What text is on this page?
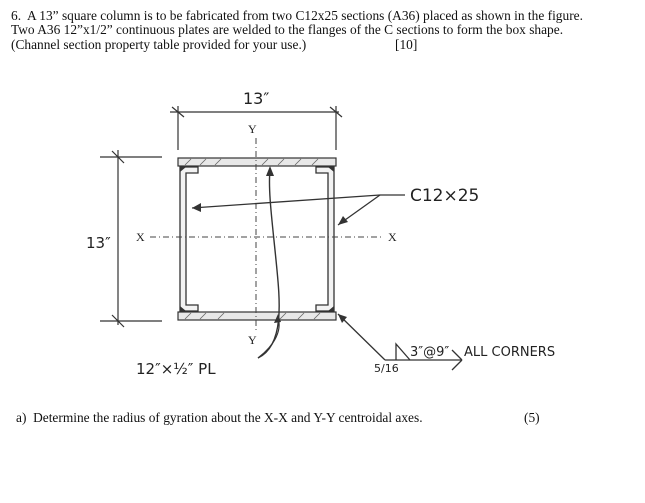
6.  A 13” square column is to be fabricated from two C12x25 sections (A36) placed as shown in the figure.
Two A36 12”x1/2” continuous plates are welded to the flanges of the C sections to form the box shape.
(Channel section property table provided for your use.)	[10]
13″
13″
Y
Y
X	X
C12×25
12″×½″ PL	5/16
3″@9″ ALL CORNERS
a)  Determine the radius of gyration about the X-X and Y-Y centroidal axes.	(5)
